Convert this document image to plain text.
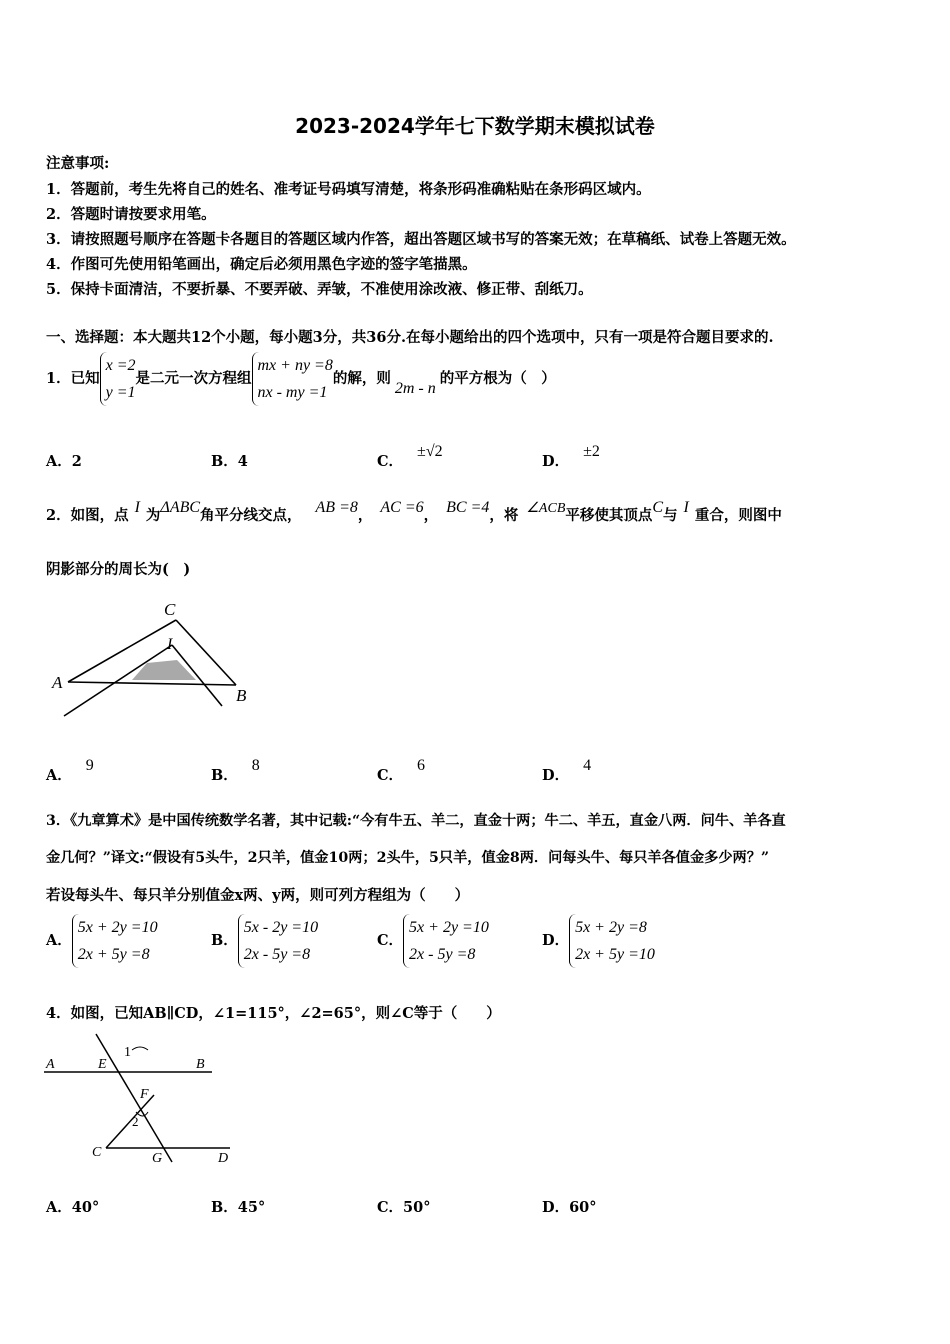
2023-2024学年七下数学期末模拟试卷
注意事项:
1．答题前，考生先将自己的姓名、准考证号码填写清楚，将条形码准确粘贴在条形码区域内。
2．答题时请按要求用笔。
3．请按照题号顺序在答题卡各题目的答题区域内作答，超出答题区域书写的答案无效；在草稿纸、试卷上答题无效。
4．作图可先使用铅笔画出，确定后必须用黑色字迹的签字笔描黑。
5．保持卡面清洁，不要折暴、不要弄破、弄皱，不准使用涂改液、修正带、刮纸刀。
一、选择题：本大题共12个小题，每小题3分，共36分.在每小题给出的四个选项中，只有一项是符合题目要求的.
1．已知x =2
y =1是二元一次方程组mx + ny =8
nx - my =1的解，则2m - n的平方根为（　）
A．2	B．4	C．±√2
D．±2
2．如图，点 I 为ΔABC角平分线交点， AB =8， AC =6， BC =4，将 ∠ACB平移使其顶点C与 I 重合，则图中
阴影部分的周长为(　)
A
B
C
I
A．9
B．8
C．6
D．4
3．《九章算术》是中国传统数学名著，其中记载:“今有牛五、羊二，直金十两；牛二、羊五，直金八两．问牛、羊各直
金几何？”译文:“假设有5头牛，2只羊，值金10两；2头牛，5只羊，值金8两．问每头牛、每只羊各值金多少两？”
若设每头牛、每只羊分别值金x两、y两，则可列方程组为（　　）
A．5x + 2y =10
2x + 5y =8
B．5x - 2y =10
2x - 5y =8
C．5x + 2y =10
2x - 5y =8
D．5x + 2y =8
2x + 5y =10
4．如图，已知AB∥CD，∠1=115°，∠2=65°，则∠C等于（　　）
A	E	B
1
F
2
C	G	D
A．40°	B．45°	C．50°	D．60°
